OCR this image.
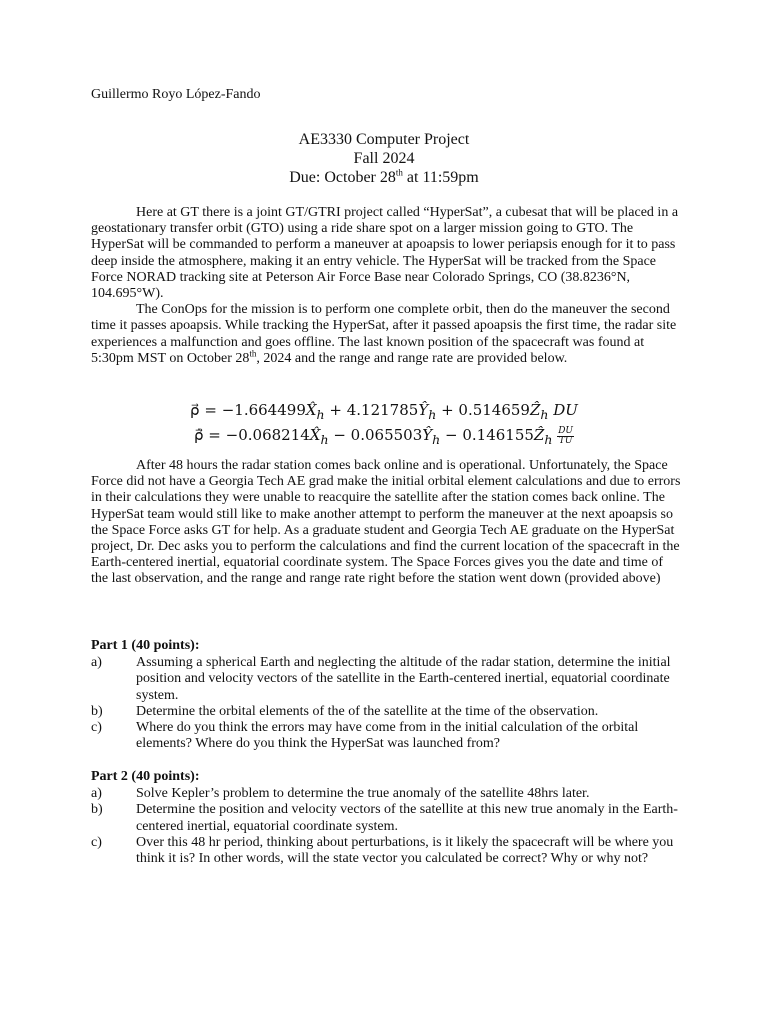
Guillermo Royo López-Fando
AE3330 Computer Project
Fall 2024
Due: October 28th at 11:59pm

Here at GT there is a joint GT/GTRI project called “HyperSat”, a cubesat that will be placed in a geostationary transfer orbit (GTO) using a ride share spot on a larger mission going to GTO. The HyperSat will be commanded to perform a maneuver at apoapsis to lower periapsis enough for it to pass deep inside the atmosphere, making it an entry vehicle. The HyperSat will be tracked from the Space Force NORAD tracking site at Peterson Air Force Base near Colorado Springs, CO (38.8236°N, 104.695°W).

The ConOps for the mission is to perform one complete orbit, then do the maneuver the second time it passes apoapsis. While tracking the HyperSat, after it passed apoapsis the first time, the radar site experiences a malfunction and goes offline. The last known position of the spacecraft was found at 5:30pm MST on October 28th, 2024 and the range and range rate are provided below.

ρ⃗ = $-1.664499X̂_h$ + $4.121785Ŷ_h$ + 0.514659Ẑ$_h$ DU
ρ⃗̇ = $-0.068214X̂_h$ − $0.065503Ŷ_h$ − 0.146155Ẑ$_h$ $\frac{DU}{TU}$

After 48 hours the radar station comes back online and is operational. Unfortunately, the Space Force did not have a Georgia Tech AE grad make the initial orbital element calculations and due to errors in their calculations they were unable to reacquire the satellite after the station comes back online. The HyperSat team would still like to make another attempt to perform the maneuver at the next apoapsis so the Space Force asks GT for help. As a graduate student and Georgia Tech AE graduate on the HyperSat project, Dr. Dec asks you to perform the calculations and find the current location of the spacecraft in the Earth-centered inertial, equatorial coordinate system. The Space Forces gives you the date and time of the last observation, and the range and range rate right before the station went down (provided above)

Part 1 (40 points):
a)	Assuming a spherical Earth and neglecting the altitude of the radar station, determine the initial position and velocity vectors of the satellite in the Earth-centered inertial, equatorial coordinate system.
b)	Determine the orbital elements of the of the satellite at the time of the observation.
c)	Where do you think the errors may have come from in the initial calculation of the orbital elements? Where do you think the HyperSat was launched from?
Part 2 (40 points):
a)	Solve Kepler’s problem to determine the true anomaly of the satellite 48hrs later.
b)	Determine the position and velocity vectors of the satellite at this new true anomaly in the Earth-centered inertial, equatorial coordinate system.
c)	Over this 48 hr period, thinking about perturbations, is it likely the spacecraft will be where you think it is? In other words, will the state vector you calculated be correct? Why or why not?
